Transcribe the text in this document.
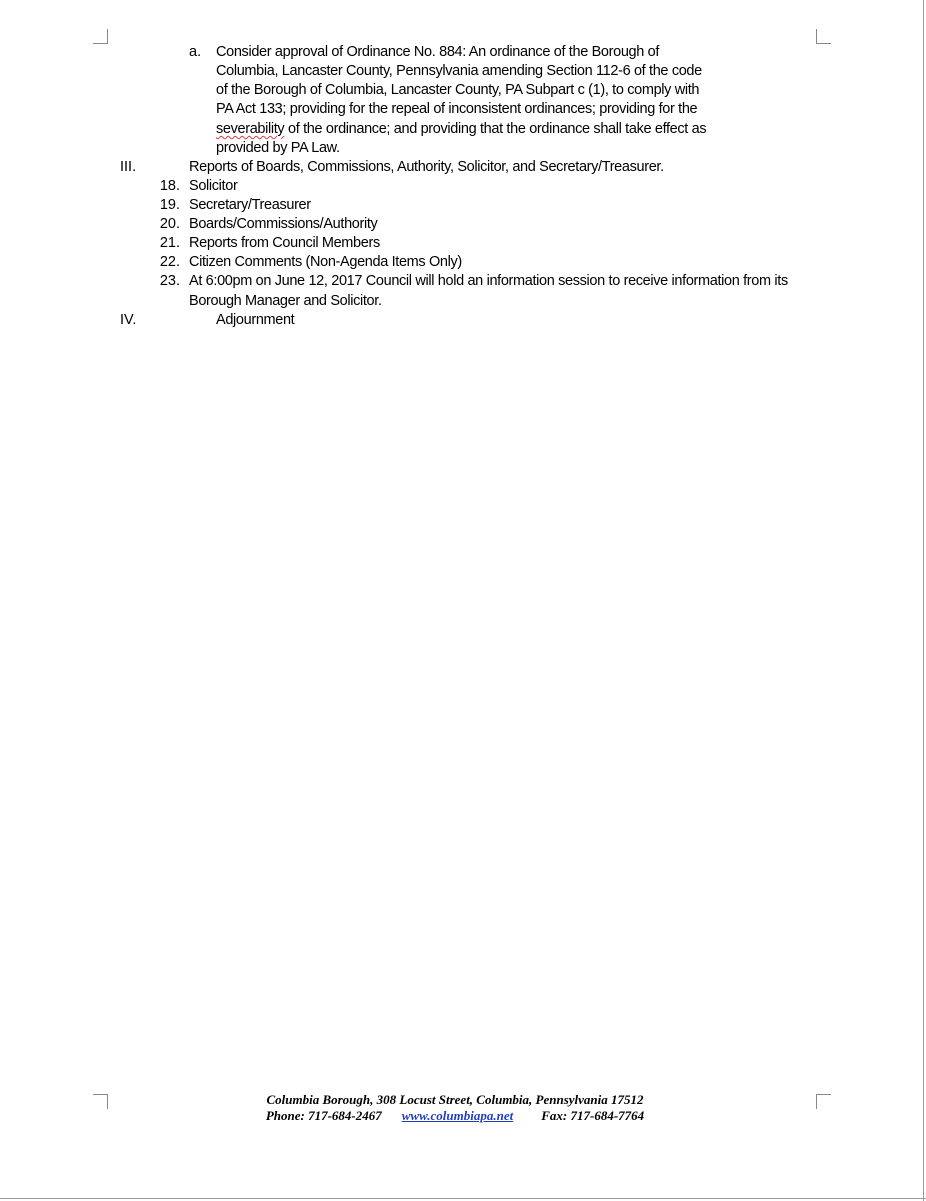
a. Consider approval of Ordinance No. 884: An ordinance of the Borough of
Columbia, Lancaster County, Pennsylvania amending Section 112-6 of the code
of the Borough of Columbia, Lancaster County, PA Subpart c (1), to comply with
PA Act 133; providing for the repeal of inconsistent ordinances; providing for the
severability of the ordinance; and providing that the ordinance shall take effect as
provided by PA Law.
III.	Reports of Boards, Commissions, Authority, Solicitor, and Secretary/Treasurer.
18. Solicitor
19. Secretary/Treasurer
20. Boards/Commissions/Authority
21. Reports from Council Members
22. Citizen Comments (Non-Agenda Items Only)
23. At 6:00pm on June 12, 2017 Council will hold an information session to receive information from its
Borough Manager and Solicitor.
IV.	Adjournment
Columbia Borough, 308 Locust Street, Columbia, Pennsylvania 17512
Phone: 717-684-2467 www.columbiapa.net Fax: 717-684-7764
